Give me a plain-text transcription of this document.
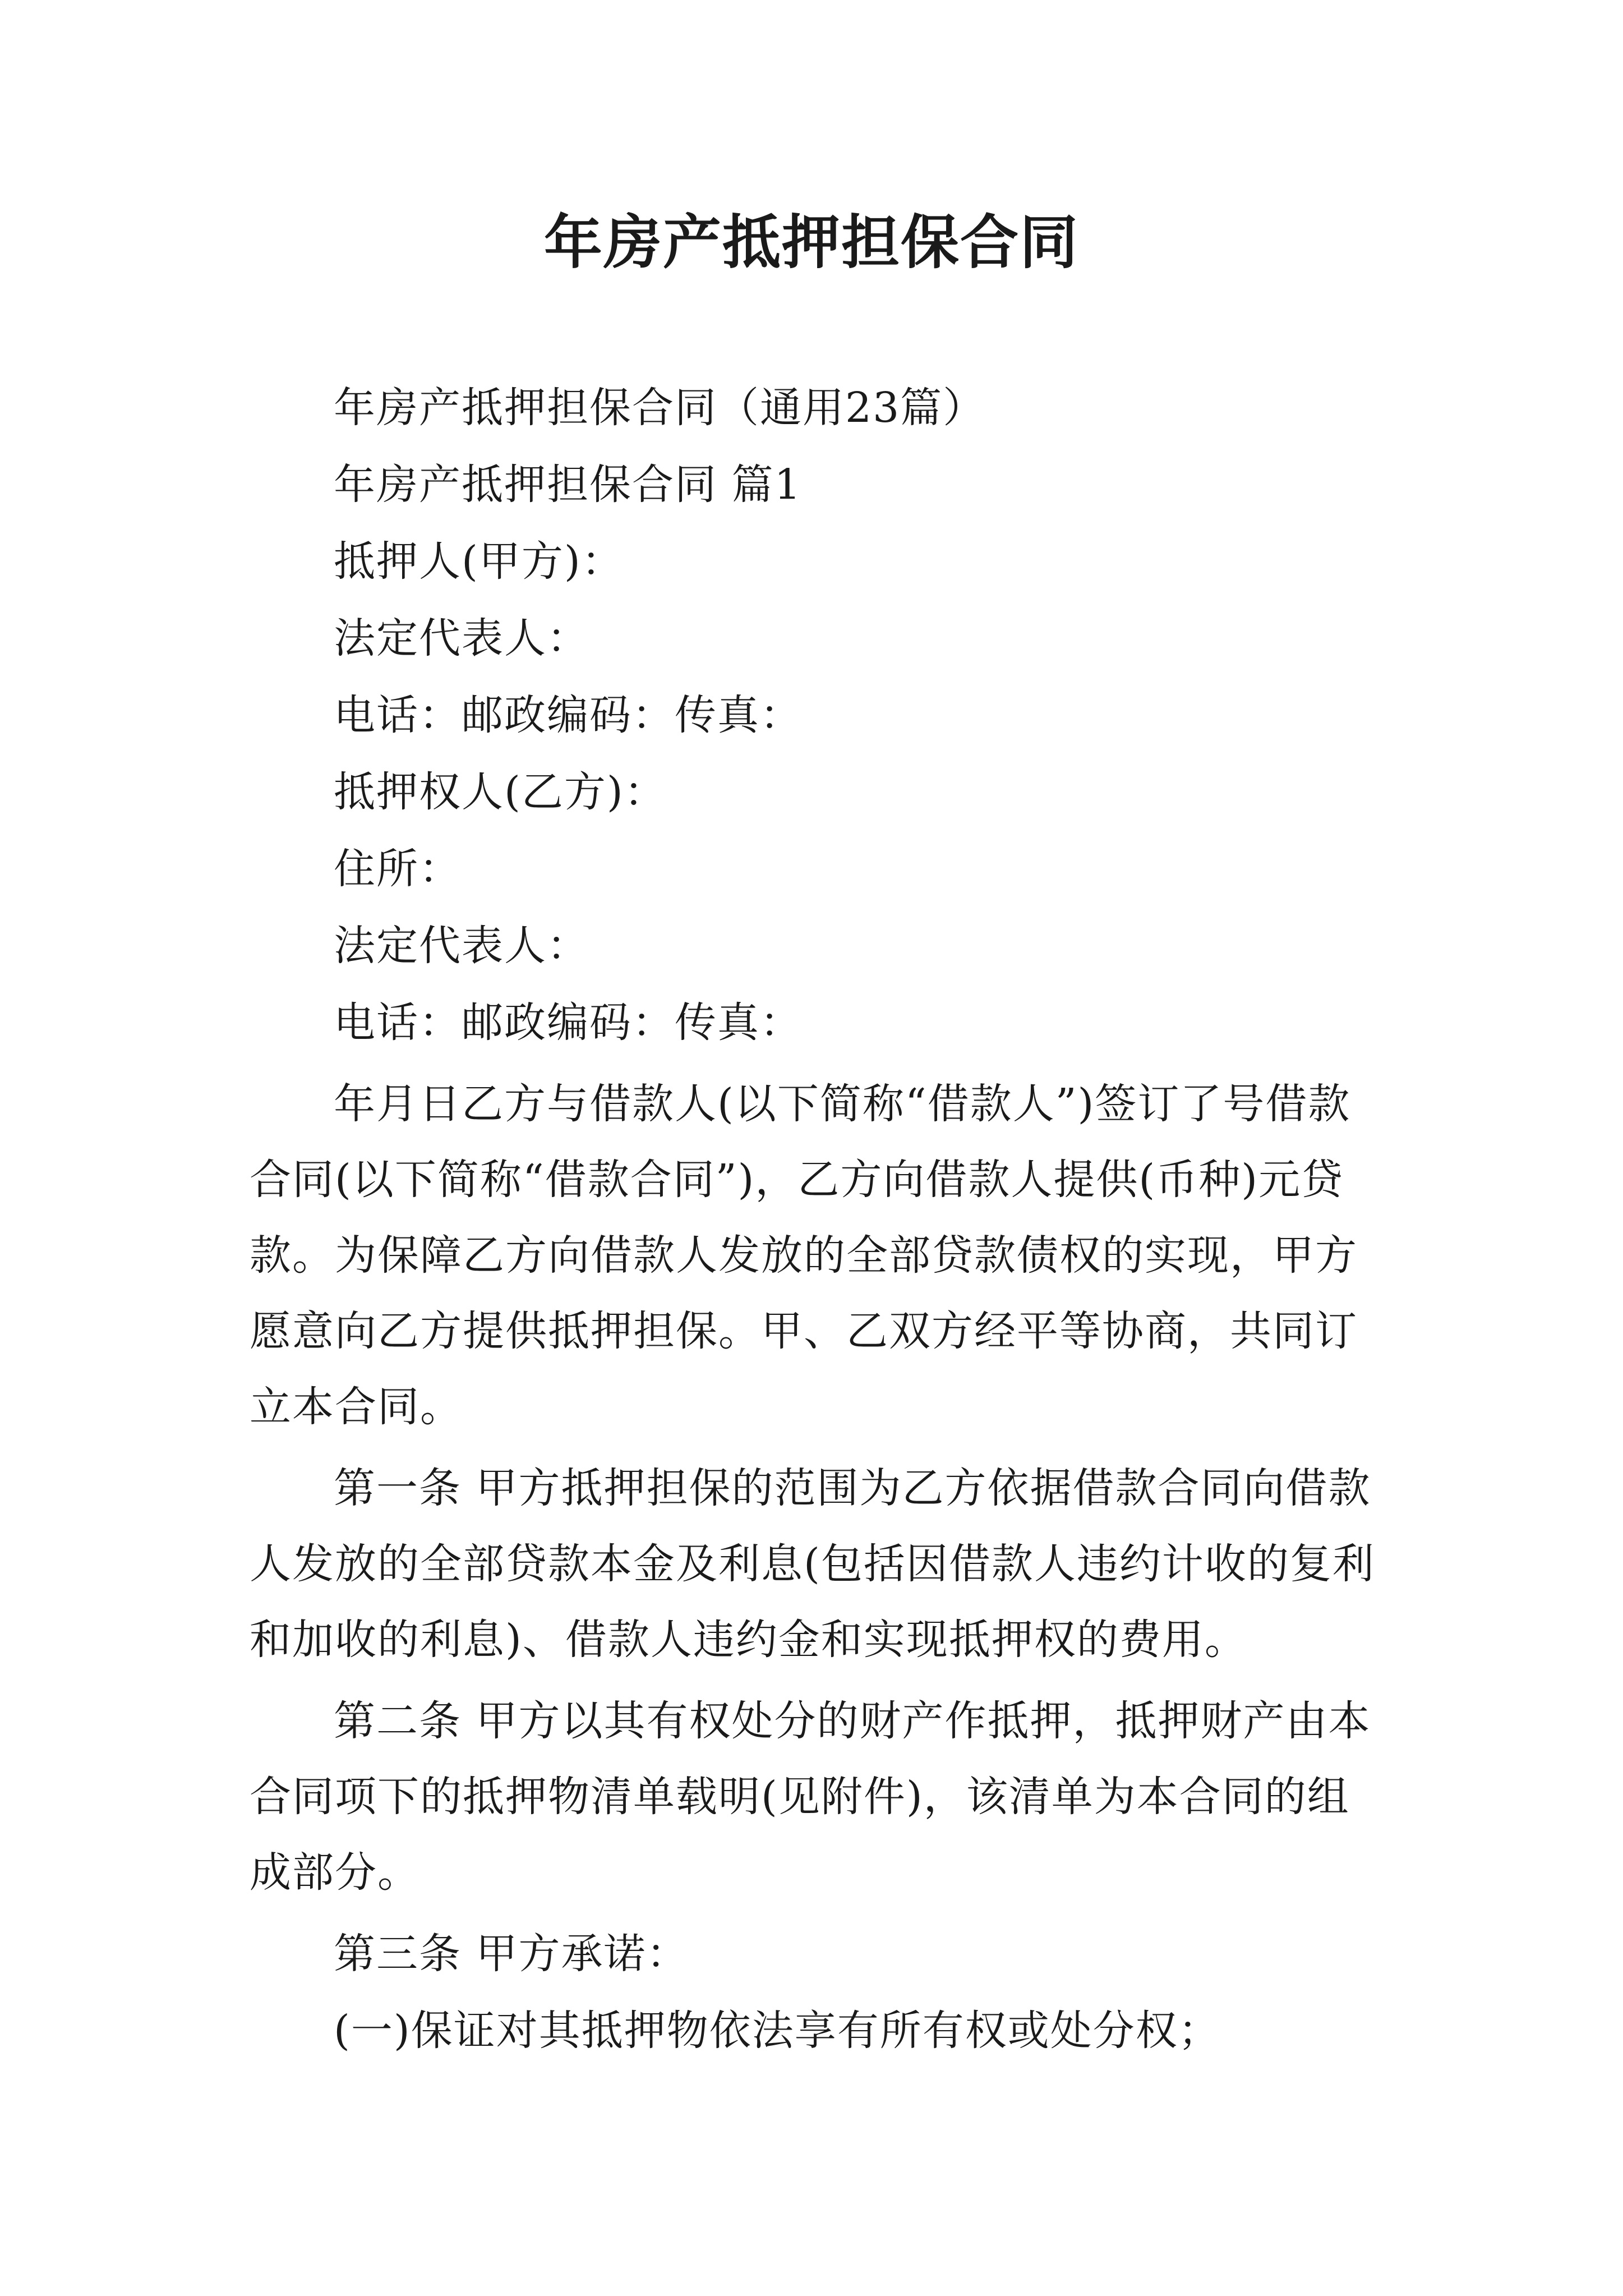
年房产抵押担保合同

年房产抵押担保合同（通用23篇）

年房产抵押担保合同 篇1

抵押人(甲方)：

法定代表人：

电话：邮政编码：传真：

抵押权人(乙方)：

住所：

法定代表人：

电话：邮政编码：传真：

年月日乙方与借款人(以下简称“借款人”)签订了号借款合同(以下简称“借款合同”)，乙方向借款人提供(币种)元贷款。为保障乙方向借款人发放的全部贷款债权的实现，甲方愿意向乙方提供抵押担保。甲、乙双方经平等协商，共同订立本合同。

第一条 甲方抵押担保的范围为乙方依据借款合同向借款人发放的全部贷款本金及利息(包括因借款人违约计收的复利和加收的利息)、借款人违约金和实现抵押权的费用。

第二条 甲方以其有权处分的财产作抵押，抵押财产由本合同项下的抵押物清单载明(见附件)，该清单为本合同的组成部分。

第三条 甲方承诺：

(一)保证对其抵押物依法享有所有权或处分权；
